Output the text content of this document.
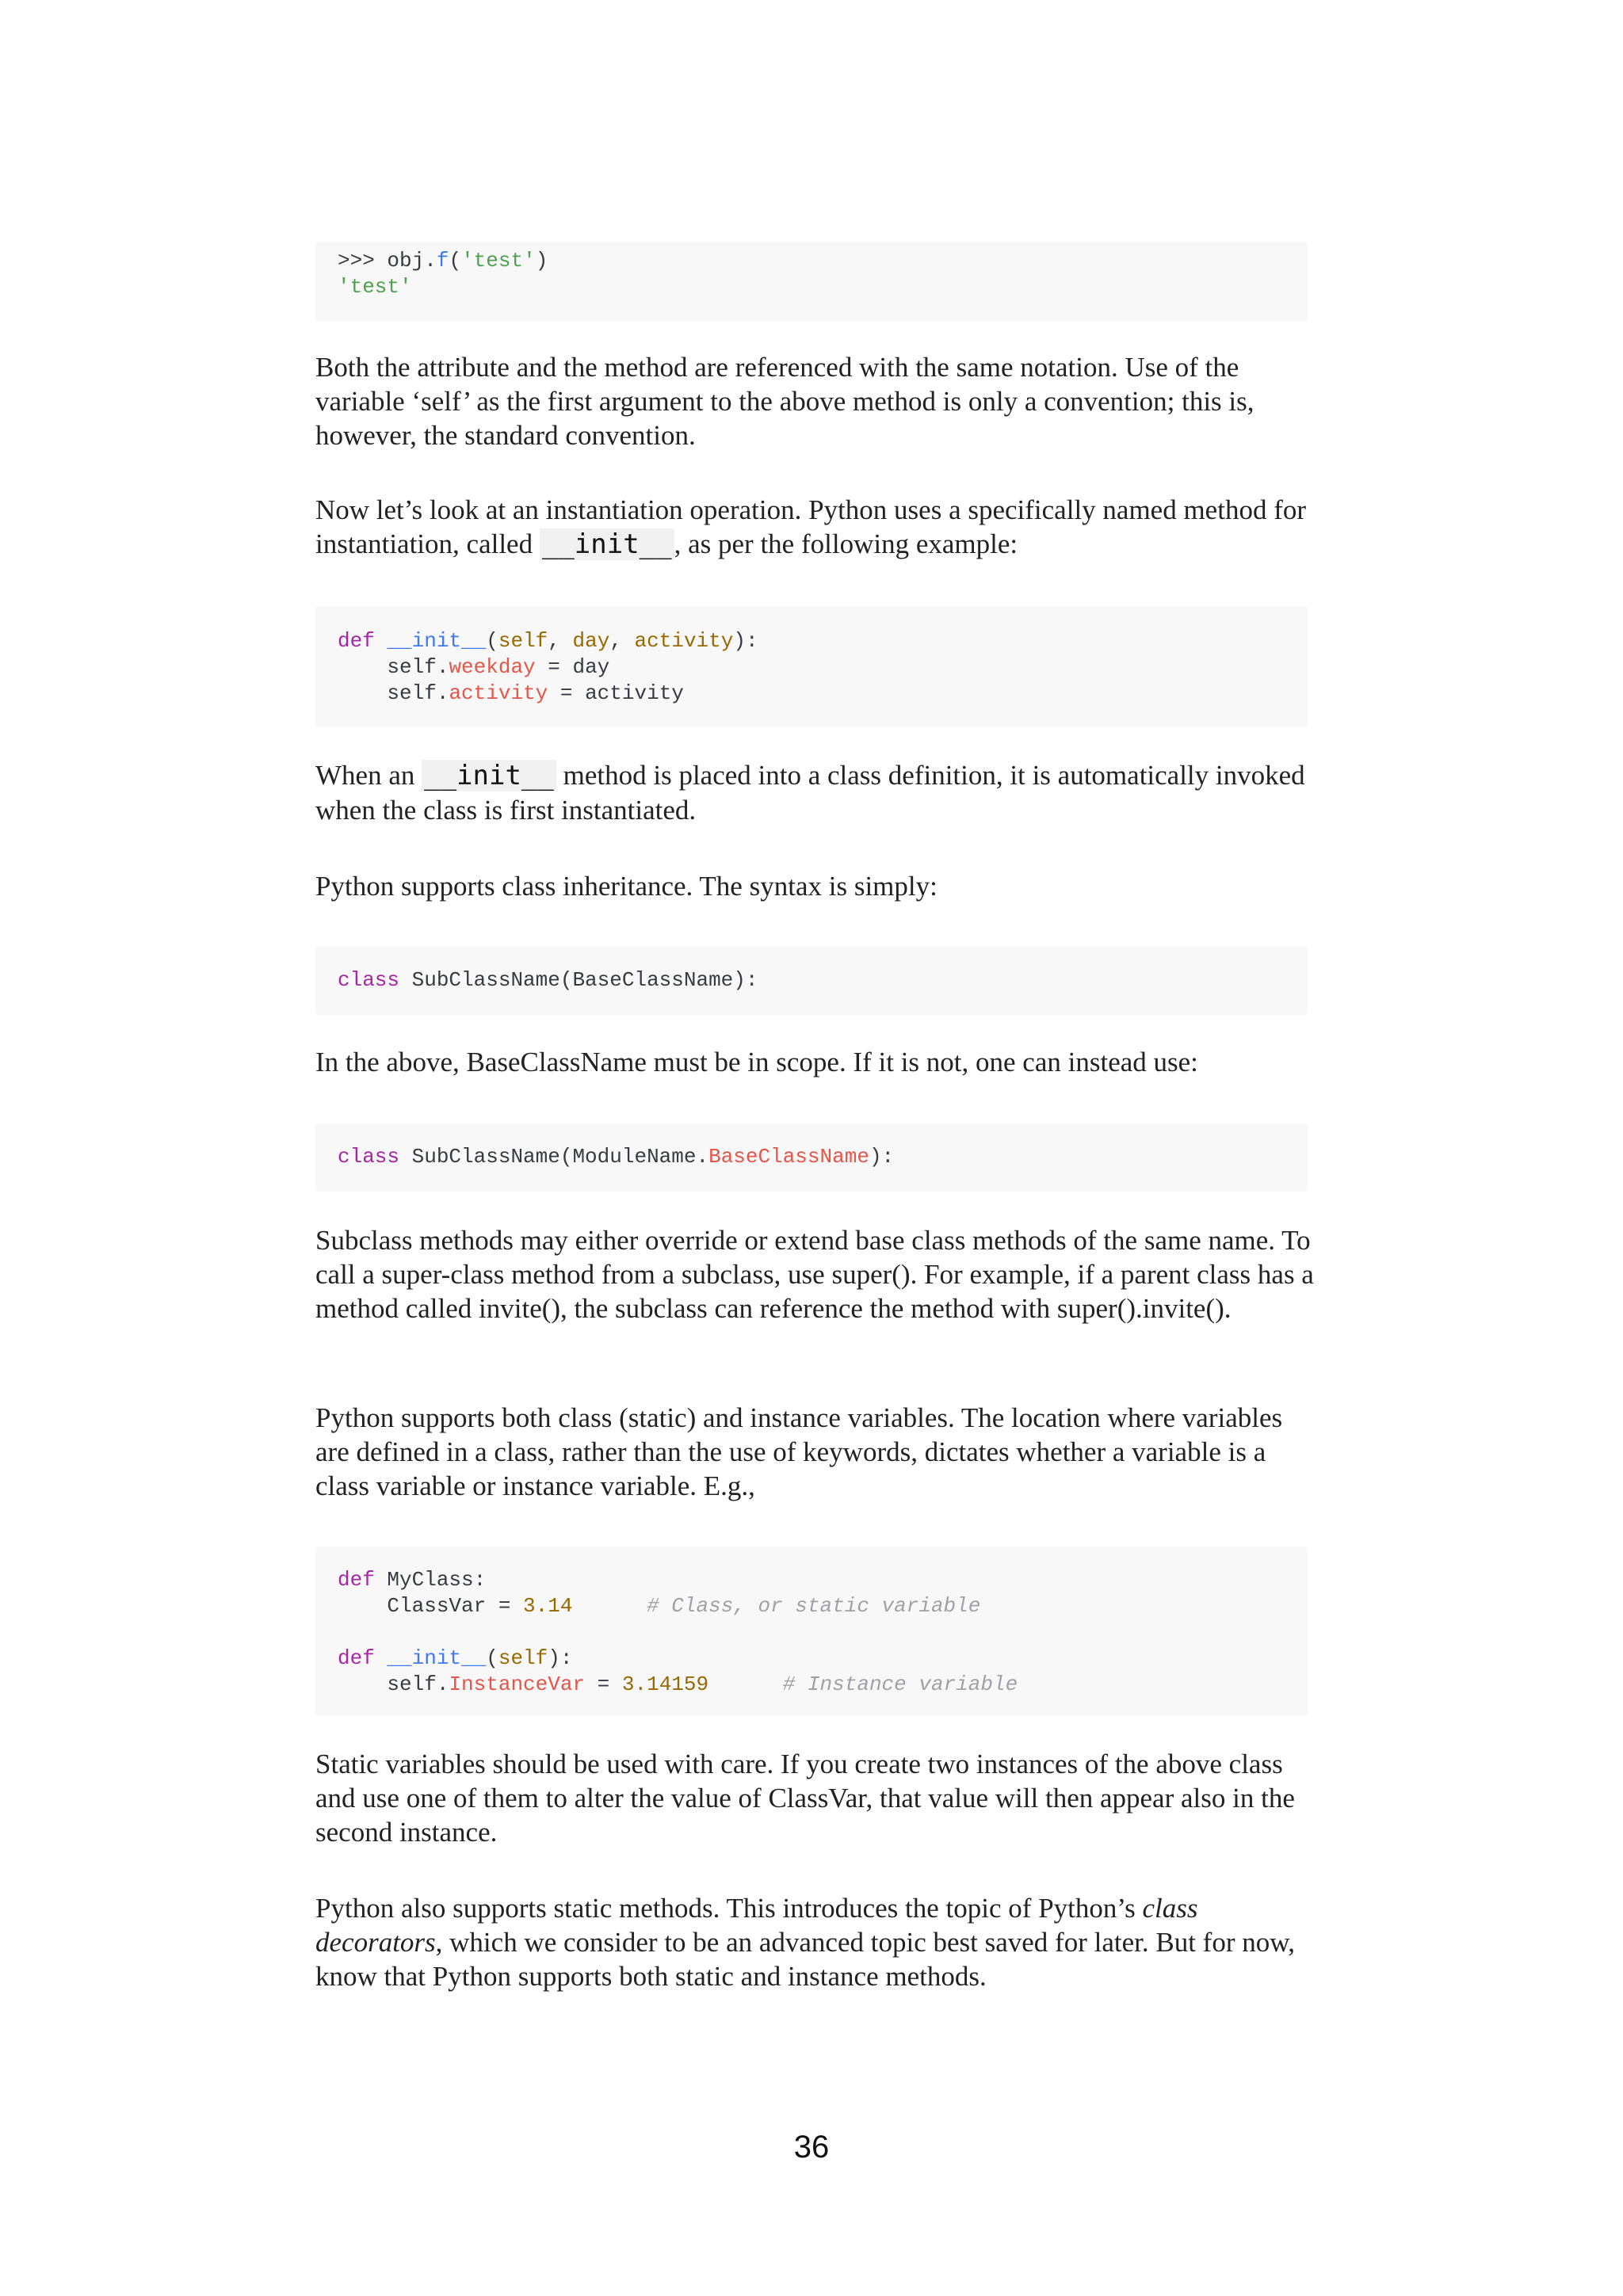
>>> obj.f('test')
'test'

Both the attribute and the method are referenced with the same notation. Use of the variable ‘self’ as the first argument to the above method is only a convention; this is, however, the standard convention.

Now let’s look at an instantiation operation. Python uses a specifically named method for instantiation, called __init__, as per the following example:

def __init__(self, day, activity):
self.weekday = day
self.activity = activity

When an __init__ method is placed into a class definition, it is automatically invoked when the class is first instantiated.

Python supports class inheritance. The syntax is simply:

class SubClassName(BaseClassName):

In the above, BaseClassName must be in scope. If it is not, one can instead use:

class SubClassName(ModuleName.BaseClassName):

Subclass methods may either override or extend base class methods of the same name. To call a super-class method from a subclass, use super(). For example, if a parent class has a method called invite(), the subclass can reference the method with super().invite().

Python supports both class (static) and instance variables. The location where variables are defined in a class, rather than the use of keywords, dictates whether a variable is a class variable or instance variable. E.g.,

def MyClass:
ClassVar = 3.14	# Class, or static variable

def __init__(self):
self.InstanceVar = 3.14159	# Instance variable

Static variables should be used with care. If you create two instances of the above class and use one of them to alter the value of ClassVar, that value will then appear also in the second instance.

Python also supports static methods. This introduces the topic of Python’s class decorators, which we consider to be an advanced topic best saved for later. But for now, know that Python supports both static and instance methods.

36
